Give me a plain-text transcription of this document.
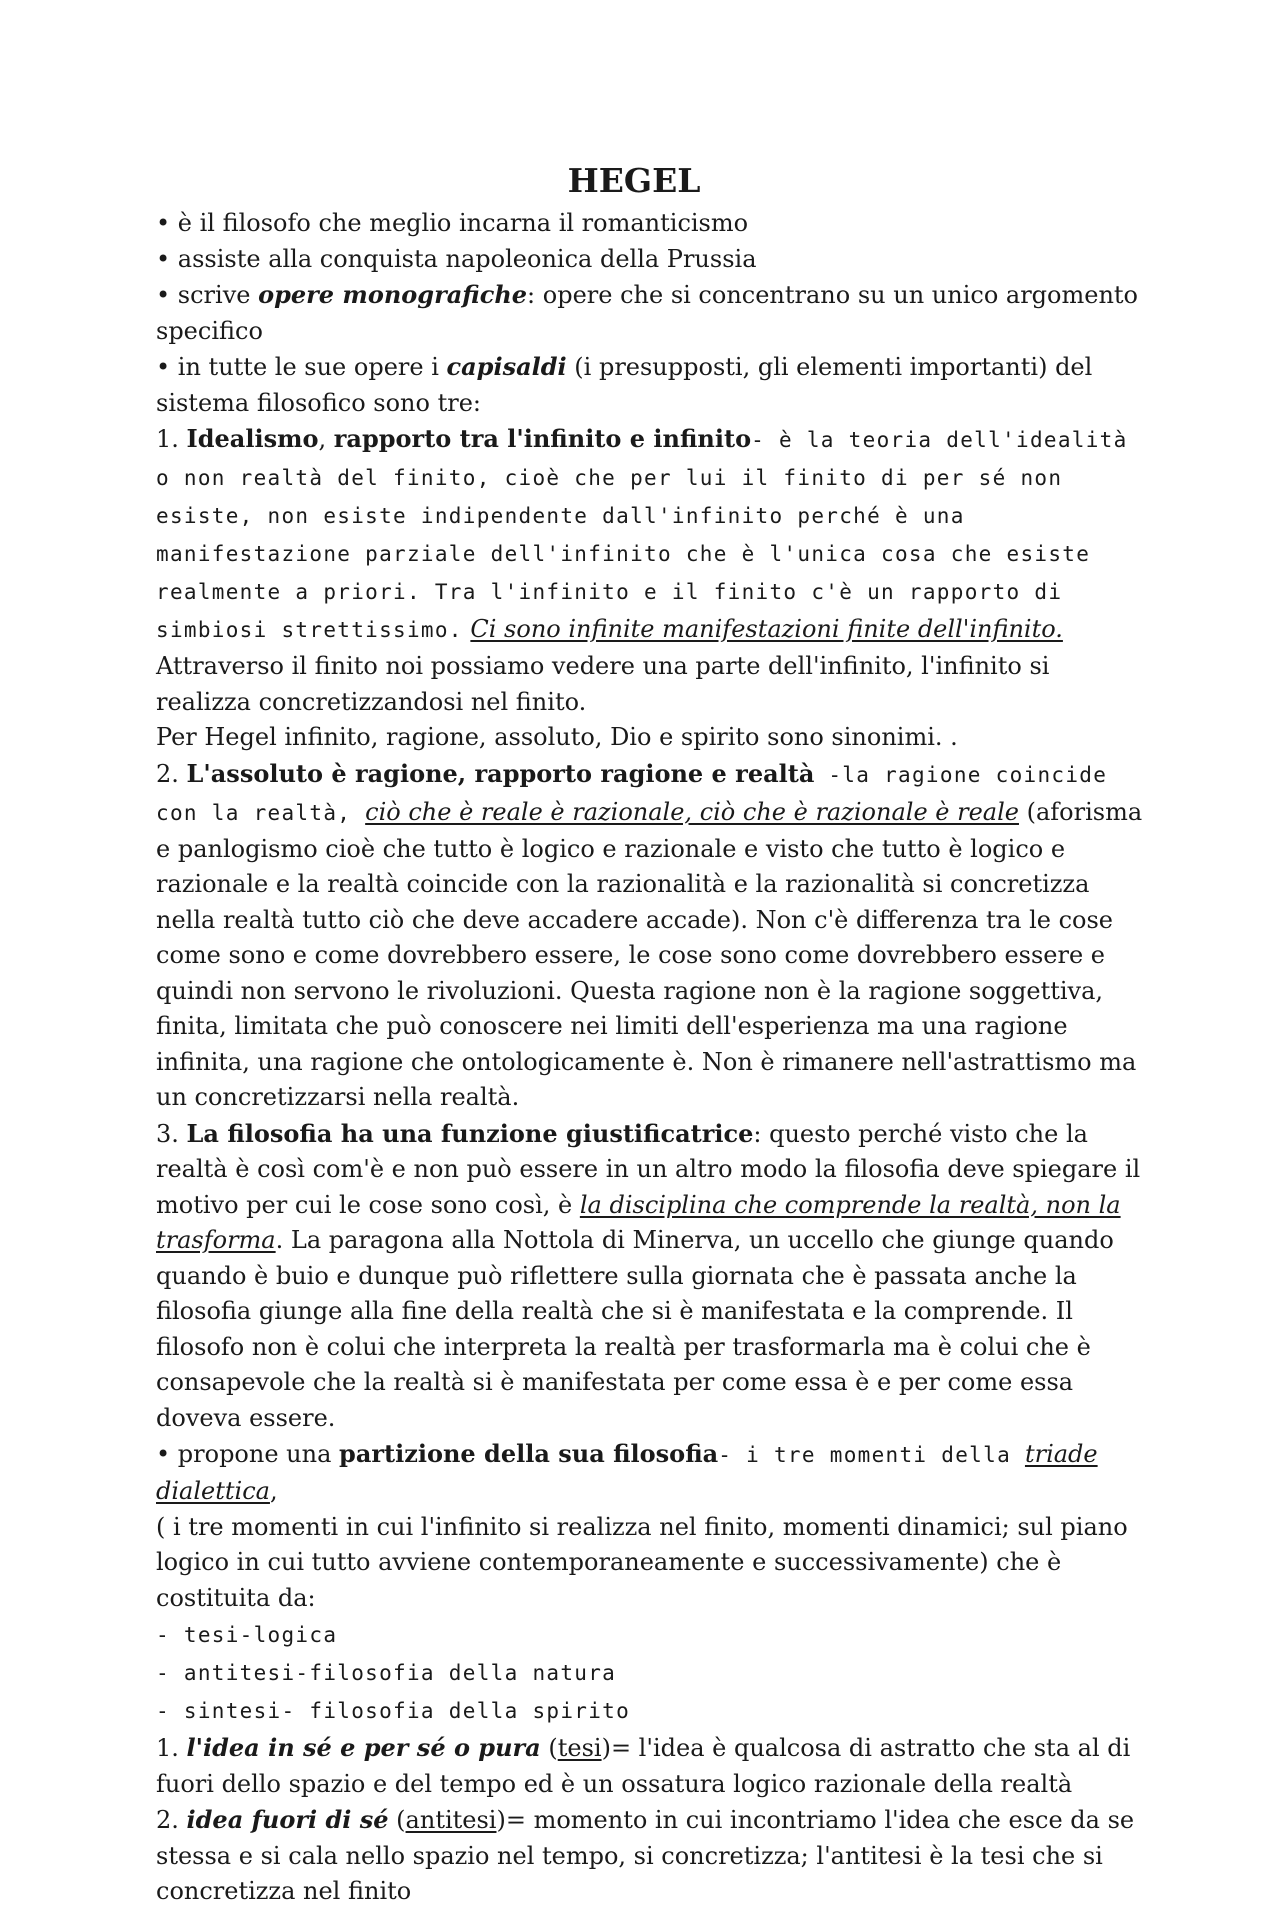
HEGEL

• è il filosofo che meglio incarna il romanticismo

• assiste alla conquista napoleonica della Prussia

• scrive opere monografiche: opere che si concentrano su un unico argomento specifico

• in tutte le sue opere i capisaldi (i presupposti, gli elementi importanti) del sistema filosofico sono tre:

1. Idealismo, rapporto tra l'infinito e infinito- è la teoria dell'idealità o non realtà del finito, cioè che per lui il finito di per sé non esiste, non esiste indipendente dall'infinito perché è una manifestazione parziale dell'infinito che è l'unica cosa che esiste realmente a priori. Tra l'infinito e il finito c'è un rapporto di simbiosi strettissimo. Ci sono infinite manifestazioni finite dell'infinito. Attraverso il finito noi possiamo vedere una parte dell'infinito, l'infinito si realizza concretizzandosi nel finito.

Per Hegel infinito, ragione, assoluto, Dio e spirito sono sinonimi. .

2. L'assoluto è ragione, rapporto ragione e realtà -la ragione coincide con la realtà, ciò che è reale è razionale, ciò che è razionale è reale (aforisma e panlogismo cioè che tutto è logico e razionale e visto che tutto è logico e razionale e la realtà coincide con la razionalità e la razionalità si concretizza nella realtà tutto ciò che deve accadere accade). Non c'è differenza tra le cose come sono e come dovrebbero essere, le cose sono come dovrebbero essere e quindi non servono le rivoluzioni. Questa ragione non è la ragione soggettiva, finita, limitata che può conoscere nei limiti dell'esperienza ma una ragione infinita, una ragione che ontologicamente è. Non è rimanere nell'astrattismo ma un concretizzarsi nella realtà.

3. La filosofia ha una funzione giustificatrice: questo perché visto che la realtà è così com'è e non può essere in un altro modo la filosofia deve spiegare il motivo per cui le cose sono così, è la disciplina che comprende la realtà, non la trasforma. La paragona alla Nottola di Minerva, un uccello che giunge quando quando è buio e dunque può riflettere sulla giornata che è passata anche la filosofia giunge alla fine della realtà che si è manifestata e la comprende. Il filosofo non è colui che interpreta la realtà per trasformarla ma è colui che è consapevole che la realtà si è manifestata per come essa è e per come essa doveva essere.

• propone una partizione della sua filosofia- i tre momenti della triade dialettica,
( i tre momenti in cui l'infinito si realizza nel finito, momenti dinamici; sul piano logico in cui tutto avviene contemporaneamente e successivamente) che è costituita da:

- tesi-logica

- antitesi-filosofia della natura

- sintesi- filosofia della spirito

1. l'idea in sé e per sé o pura (tesi)= l'idea è qualcosa di astratto che sta al di fuori dello spazio e del tempo ed è un ossatura logico razionale della realtà

2. idea fuori di sé (antitesi)= momento in cui incontriamo l'idea che esce da se stessa e si cala nello spazio nel tempo, si concretizza; l'antitesi è la tesi che si concretizza nel finito
